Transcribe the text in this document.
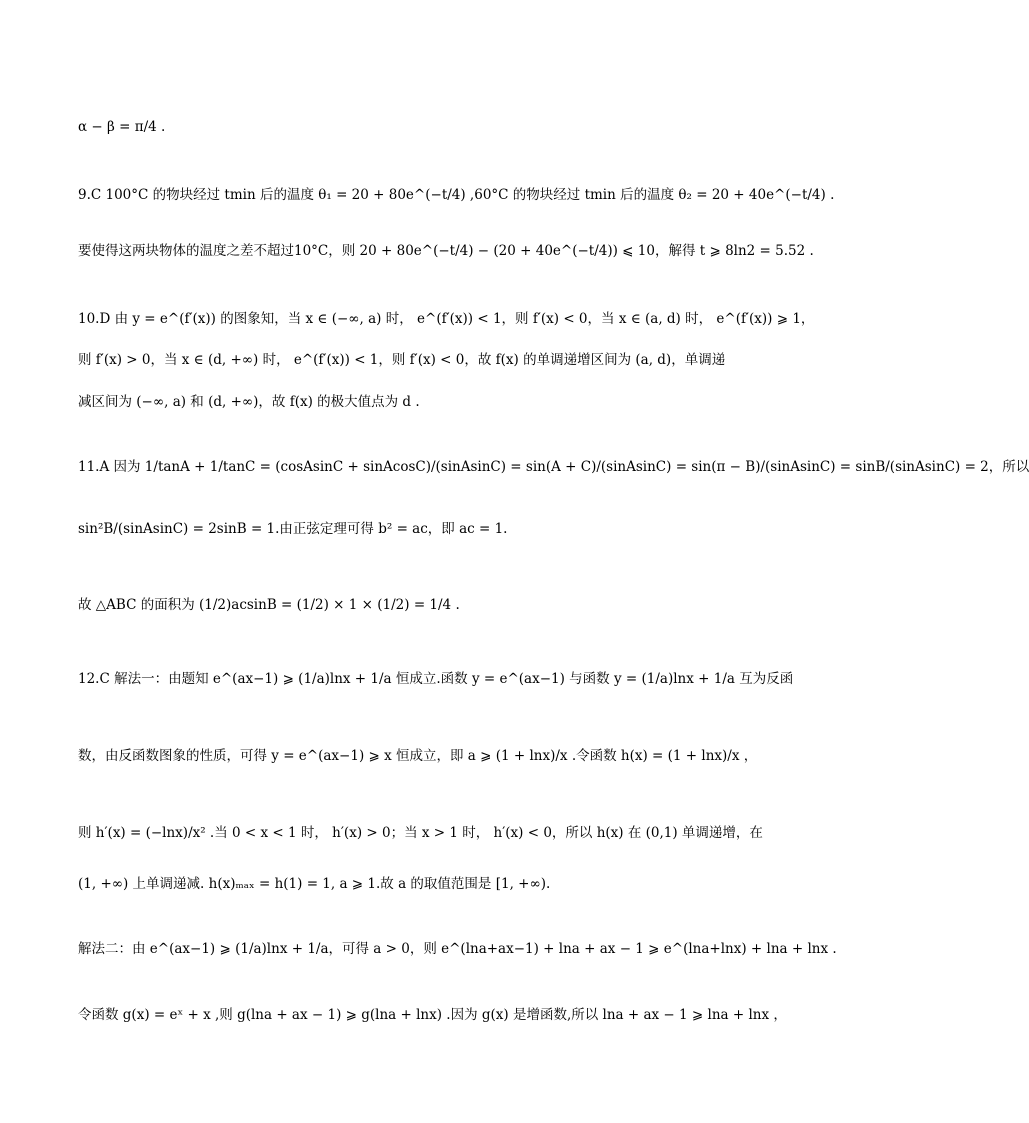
α − β = π/4 .
9.C 100°C 的物块经过 tmin 后的温度 θ₁ = 20 + 80e^(−t/4) ,60°C 的物块经过 tmin 后的温度 θ₂ = 20 + 40e^(−t/4) .
要使得这两块物体的温度之差不超过10°C，则 20 + 80e^(−t/4) − (20 + 40e^(−t/4)) ⩽ 10，解得 t ⩾ 8ln2 = 5.52 .
10.D 由 y = e^(f′(x)) 的图象知，当 x ∈ (−∞, a) 时， e^(f′(x)) < 1，则 f′(x) < 0，当 x ∈ (a, d) 时， e^(f′(x)) ⩾ 1，
则 f′(x) > 0，当 x ∈ (d, +∞) 时， e^(f′(x)) < 1，则 f′(x) < 0，故 f(x) 的单调递增区间为 (a, d)，单调递
减区间为 (−∞, a) 和 (d, +∞)，故 f(x) 的极大值点为 d .
11.A 因为 1/tanA + 1/tanC = (cosAsinC + sinAcosC)/(sinAsinC) = sin(A + C)/(sinAsinC) = sin(π − B)/(sinAsinC) = sinB/(sinAsinC) = 2，所以
sin²B/(sinAsinC) = 2sinB = 1.由正弦定理可得 b² = ac，即 ac = 1.
故 △ABC 的面积为 (1/2)acsinB = (1/2) × 1 × (1/2) = 1/4 .
12.C 解法一：由题知 e^(ax−1) ⩾ (1/a)lnx + 1/a 恒成立.函数 y = e^(ax−1) 与函数 y = (1/a)lnx + 1/a 互为反函
数，由反函数图象的性质，可得 y = e^(ax−1) ⩾ x 恒成立，即 a ⩾ (1 + lnx)/x .令函数 h(x) = (1 + lnx)/x ，
则 h′(x) = (−lnx)/x² .当 0 < x < 1 时， h′(x) > 0；当 x > 1 时， h′(x) < 0，所以 h(x) 在 (0,1) 单调递增，在
(1, +∞) 上单调递减. h(x)ₘₐₓ = h(1) = 1, a ⩾ 1.故 a 的取值范围是 [1, +∞).
解法二：由 e^(ax−1) ⩾ (1/a)lnx + 1/a，可得 a > 0，则 e^(lna+ax−1) + lna + ax − 1 ⩾ e^(lna+lnx) + lna + lnx .
令函数 g(x) = eˣ + x ,则 g(lna + ax − 1) ⩾ g(lna + lnx) .因为 g(x) 是增函数,所以 lna + ax − 1 ⩾ lna + lnx ，
